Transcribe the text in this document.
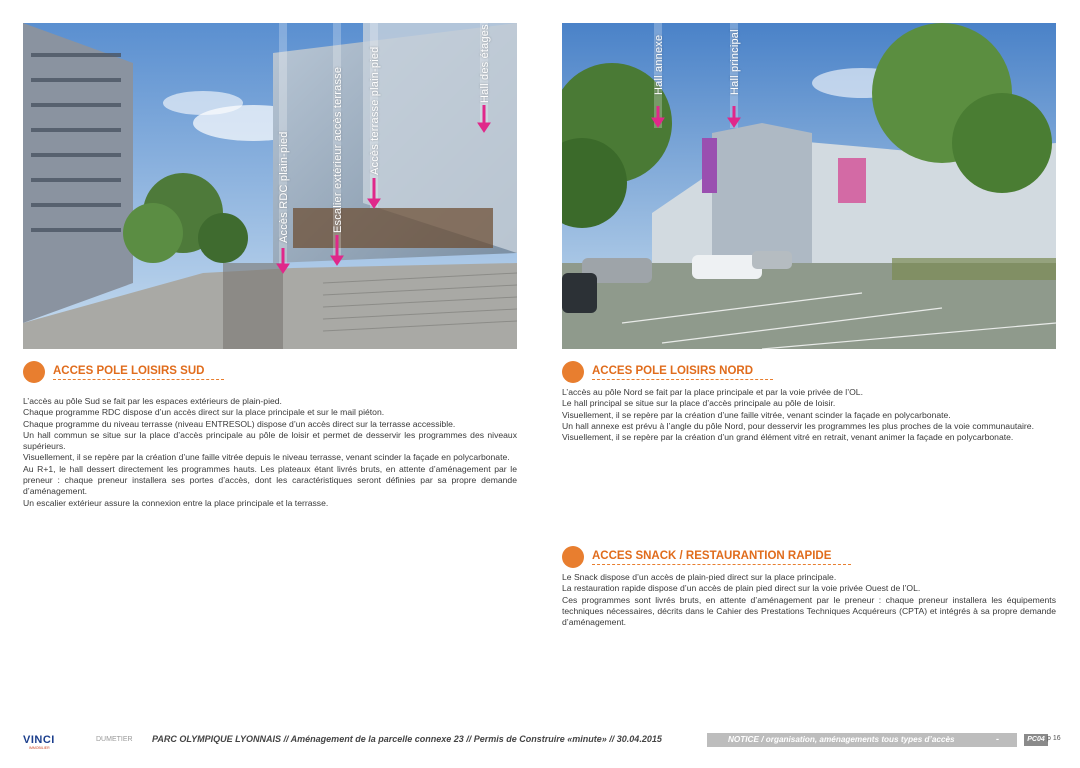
Accès RDC plain-pied	Escalier extérieur accès terrasse Accès terrasse plain-pied	Hall des étages	Hall annexe	Hall principal
ACCES POLE LOISIRS SUD

L’accès au pôle Sud se fait par les espaces extérieurs de plain-pied.

Chaque programme RDC dispose d’un accès direct sur la place principale et sur le mail piéton.

Chaque programme du niveau terrasse (niveau ENTRESOL) dispose d’un accès direct sur la terrasse accessible.

Un hall commun se situe sur la place d’accès principale au pôle de loisir et permet de desservir les programmes des niveaux supérieurs.

Visuellement, il se repère par la création d’une faille vitrée depuis le niveau terrasse, venant scinder la façade en polycarbonate.

Au R+1, le hall dessert directement les programmes hauts. Les plateaux étant livrés bruts, en attente d’aménagement par le preneur : chaque preneur installera ses portes d’accès, dont les caractéristiques seront définies par sa propre demande d’aménagement.

Un escalier extérieur assure la connexion entre la place principale et la terrasse.

ACCES POLE LOISIRS NORD

L’accès au pôle Nord se fait par la place principale et par la voie privée de l’OL.

Le hall principal se situe sur la place d’accès principale au pôle de loisir.

Visuellement, il se repère par la création d’une faille vitrée, venant scinder la façade en polycarbonate.

Un hall annexe est prévu à l’angle du pôle Nord, pour desservir les programmes les plus proches de la voie communautaire.

Visuellement, il se repère par la création d’un grand élément vitré en retrait, venant animer la façade en polycarbonate.

ACCES SNACK / RESTAURANTION RAPIDE

Le Snack dispose d’un accès de plain-pied direct sur la place principale.

La restauration rapide dispose d’un accès de plain pied direct sur la voie privée Ouest de l’OL.

Ces programmes sont livrés bruts, en attente d’aménagement par le preneur : chaque preneur installera les équipements techniques nécessaires, décrits dans le Cahier des Prestations Techniques Acquéreurs (CPTA) et intégrés à sa propre demande d’aménagement.

VINCI
IMMOBILIER
DUMETIER PARC OLYMPIQUE LYONNAIS // Aménagement de la parcelle connexe 23 // Permis de Construire «minute» // 30.04.2015	NOTICE / organisation, aménagements tous types d’accès	-	PC04 p 16
